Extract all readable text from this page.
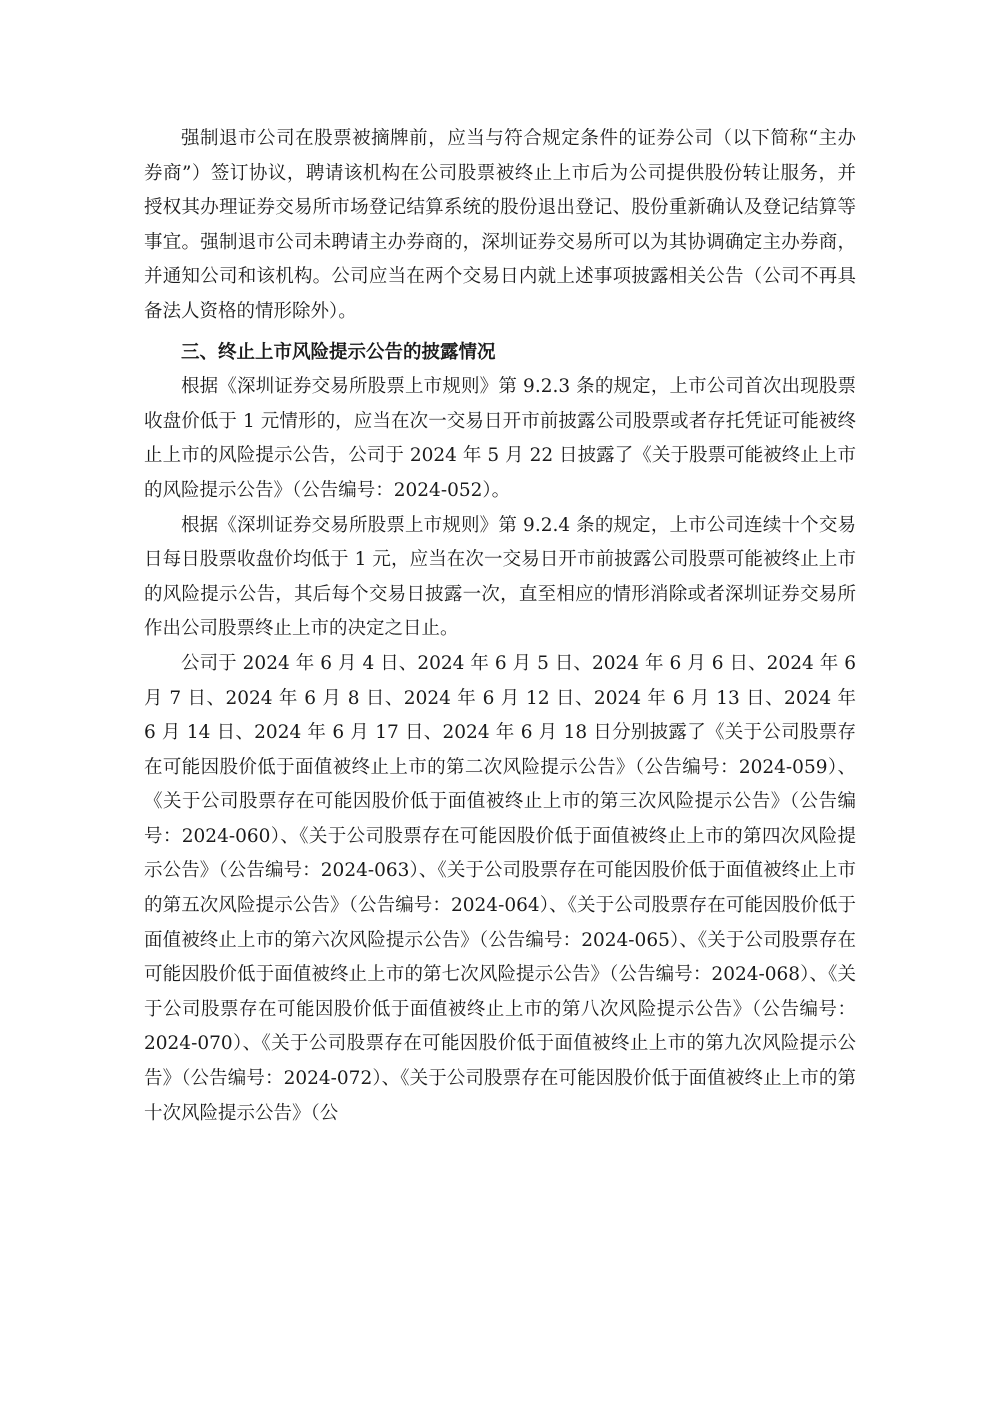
强制退市公司在股票被摘牌前，应当与符合规定条件的证券公司（以下简称“主办券商”）签订协议，聘请该机构在公司股票被终止上市后为公司提供股份转让服务，并授权其办理证券交易所市场登记结算系统的股份退出登记、股份重新确认及登记结算等事宜。强制退市公司未聘请主办券商的，深圳证券交易所可以为其协调确定主办券商，并通知公司和该机构。公司应当在两个交易日内就上述事项披露相关公告（公司不再具备法人资格的情形除外）。

三、终止上市风险提示公告的披露情况

根据《深圳证券交易所股票上市规则》第 9.2.3 条的规定，上市公司首次出现股票收盘价低于 1 元情形的，应当在次一交易日开市前披露公司股票或者存托凭证可能被终止上市的风险提示公告，公司于 2024 年 5 月 22 日披露了《关于股票可能被终止上市的风险提示公告》（公告编号：2024-052）。

根据《深圳证券交易所股票上市规则》第 9.2.4 条的规定，上市公司连续十个交易日每日股票收盘价均低于 1 元，应当在次一交易日开市前披露公司股票可能被终止上市的风险提示公告，其后每个交易日披露一次，直至相应的情形消除或者深圳证券交易所作出公司股票终止上市的决定之日止。

公司于 2024 年 6 月 4 日、2024 年 6 月 5 日、2024 年 6 月 6 日、2024 年 6 月 7 日、2024 年 6 月 8 日、2024 年 6 月 12 日、2024 年 6 月 13 日、2024 年 6 月 14 日、2024 年 6 月 17 日、2024 年 6 月 18 日分别披露了《关于公司股票存在可能因股价低于面值被终止上市的第二次风险提示公告》（公告编号：2024-059）、《关于公司股票存在可能因股价低于面值被终止上市的第三次风险提示公告》（公告编号：2024-060）、《关于公司股票存在可能因股价低于面值被终止上市的第四次风险提示公告》（公告编号：2024-063）、《关于公司股票存在可能因股价低于面值被终止上市的第五次风险提示公告》（公告编号：2024-064）、《关于公司股票存在可能因股价低于面值被终止上市的第六次风险提示公告》（公告编号：2024-065）、《关于公司股票存在可能因股价低于面值被终止上市的第七次风险提示公告》（公告编号：2024-068）、《关于公司股票存在可能因股价低于面值被终止上市的第八次风险提示公告》（公告编号：2024-070）、《关于公司股票存在可能因股价低于面值被终止上市的第九次风险提示公告》（公告编号：2024-072）、《关于公司股票存在可能因股价低于面值被终止上市的第十次风险提示公告》（公
